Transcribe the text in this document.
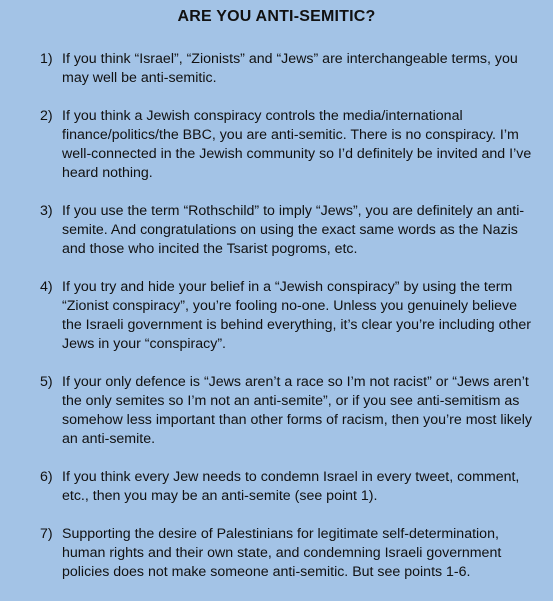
ARE YOU ANTI-SEMITIC?
1) If you think “Israel”, “Zionists” and “Jews” are interchangeable terms, you may well be anti-semitic.
2) If you think a Jewish conspiracy controls the media/international finance/politics/the BBC, you are anti-semitic. There is no conspiracy. I’m well-connected in the Jewish community so I’d definitely be invited and I’ve heard nothing.
3) If you use the term “Rothschild” to imply “Jews”, you are definitely an anti-semite. And congratulations on using the exact same words as the Nazis and those who incited the Tsarist pogroms, etc.
4) If you try and hide your belief in a “Jewish conspiracy” by using the term “Zionist conspiracy”, you’re fooling no-one. Unless you genuinely believe the Israeli government is behind everything, it’s clear you’re including other Jews in your “conspiracy”.
5) If your only defence is “Jews aren’t a race so I’m not racist” or “Jews aren’t the only semites so I’m not an anti-semite”, or if you see anti-semitism as somehow less important than other forms of racism, then you’re most likely an anti-semite.
6) If you think every Jew needs to condemn Israel in every tweet, comment, etc., then you may be an anti-semite (see point 1).
7) Supporting the desire of Palestinians for legitimate self-determination, human rights and their own state, and condemning Israeli government policies does not make someone anti-semitic. But see points 1-6.
